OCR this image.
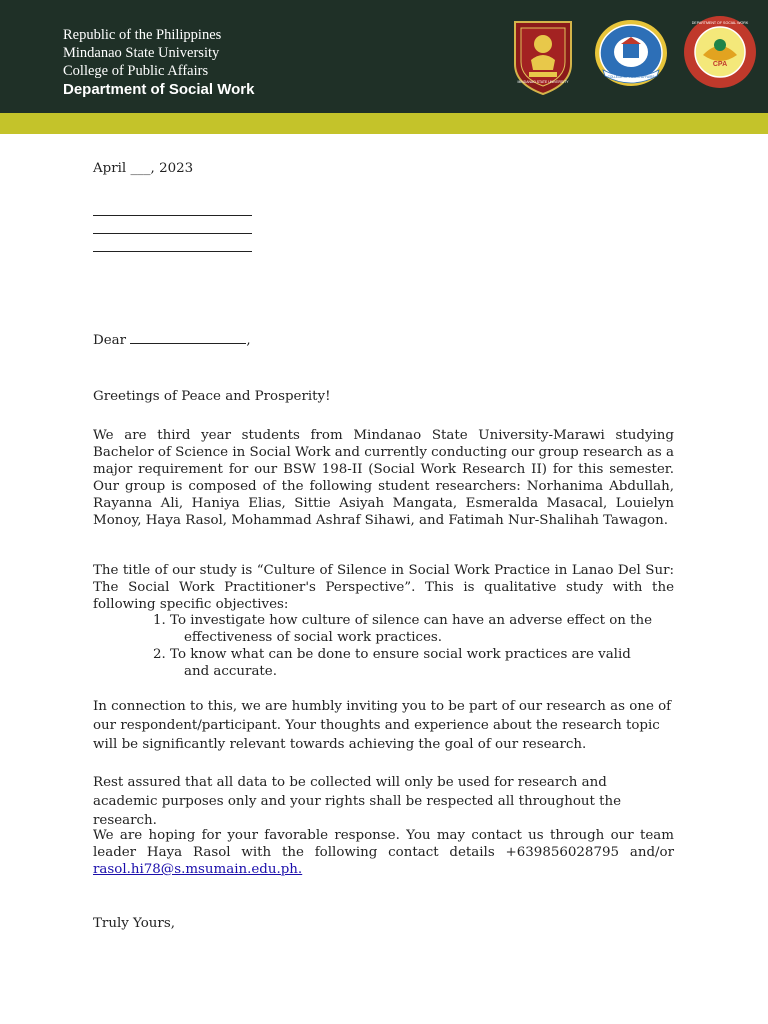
Republic of the Philippines
Mindanao State University
College of Public Affairs
Department of Social Work	MINDANAO STATE UNIVERSITY
COLLEGE OF PUBLIC AFFAIRS
CPA
DEPARTMENT OF SOCIAL WORK
April ___, 2023
Dear	,
Greetings of Peace and Prosperity!
We are third year students from Mindanao State University-Marawi studying Bachelor of Science in Social Work and currently conducting our group research as a major requirement for our BSW 198-II (Social Work Research II) for this semester. Our group is composed of the following student researchers: Norhanima Abdullah, Rayanna Ali, Haniya Elias, Sittie Asiyah Mangata, Esmeralda Masacal, Louielyn Monoy, Haya Rasol, Mohammad Ashraf Sihawi, and Fatimah Nur-Shalihah Tawagon.
The title of our study is “Culture of Silence in Social Work Practice in Lanao Del Sur: The Social Work Practitioner's Perspective”. This is qualitative study with the following specific objectives:
1. To investigate how culture of silence can have an adverse effect on the effectiveness of social work practices.
2. To know what can be done to ensure social work practices are valid and accurate.
In connection to this, we are humbly inviting you to be part of our research as one of our respondent/participant. Your thoughts and experience about the research topic will be significantly relevant towards achieving the goal of our research.
Rest assured that all data to be collected will only be used for research and academic purposes only and your rights shall be respected all throughout the research.
We are hoping for your favorable response. You may contact us through our team leader Haya Rasol with the following contact details +639856028795 and/or rasol.hi78@s.msumain.edu.ph.
Truly Yours,
